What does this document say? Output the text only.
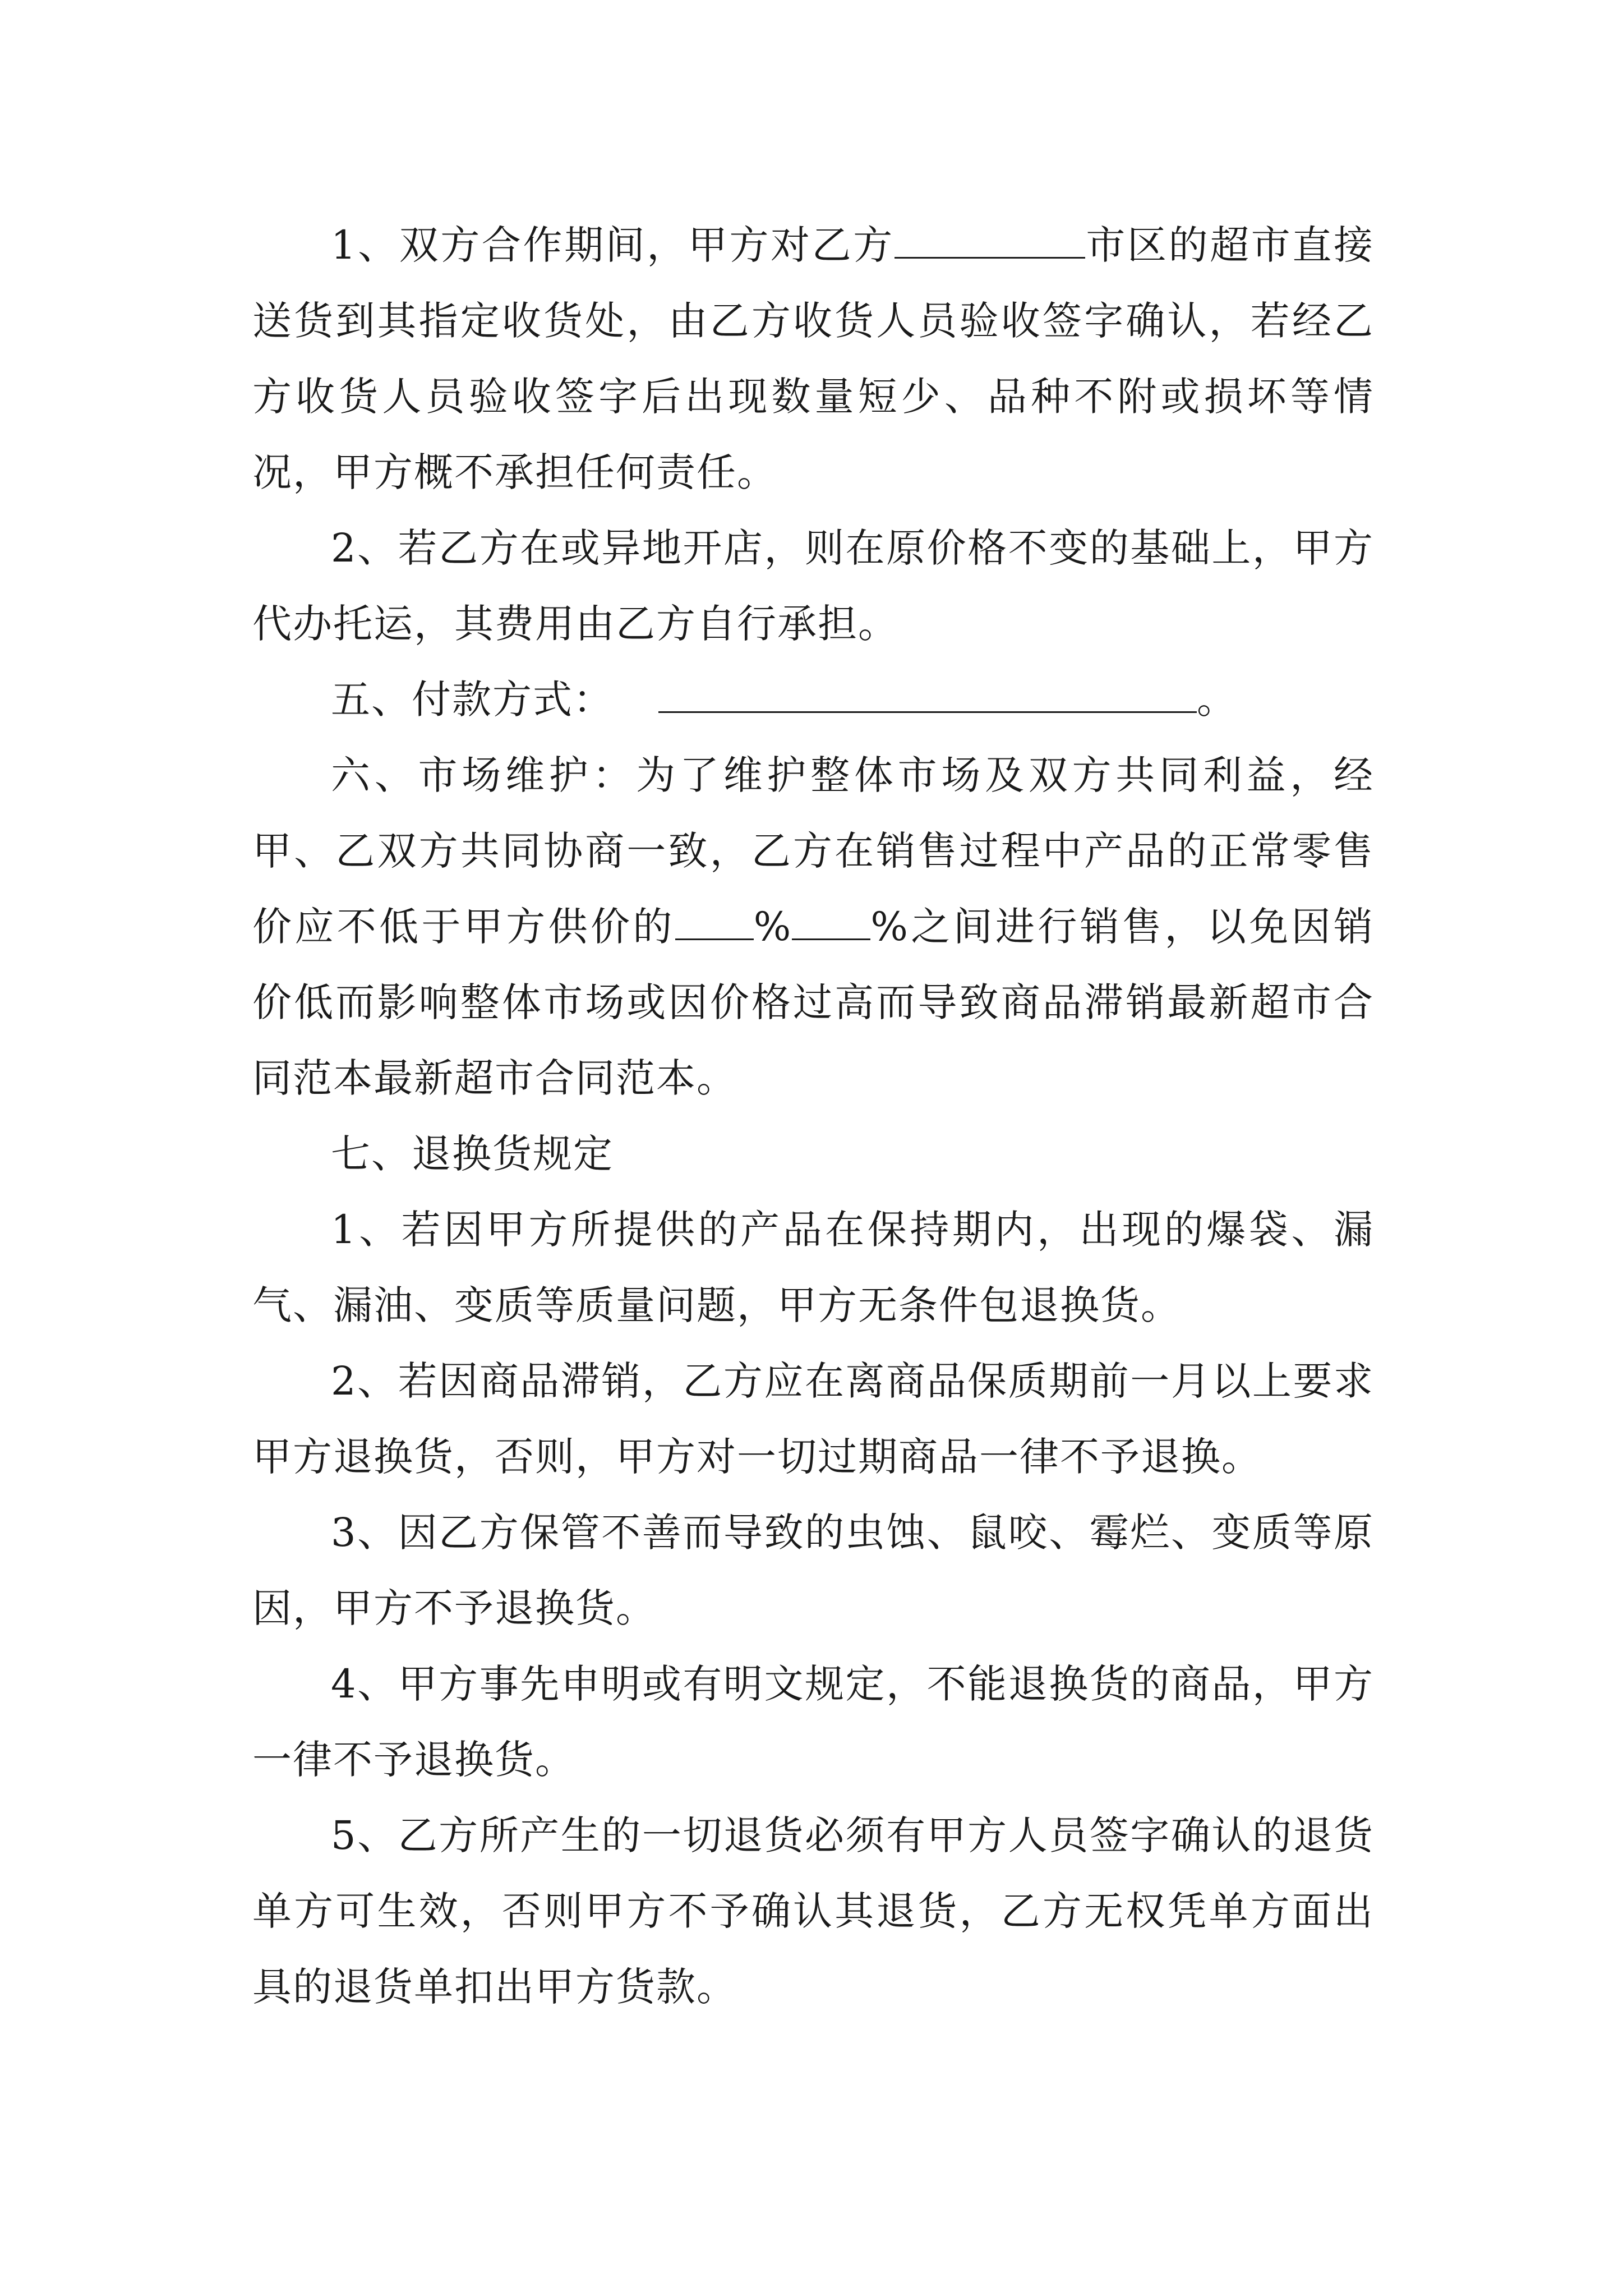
1、双方合作期间，甲方对乙方	市区的超市直接送货到其指定收货处，由乙方收货人员验收签字确认，若经乙方收货人员验收签字后出现数量短少、品种不附或损坏等情况，甲方概不承担任何责任。

2、若乙方在或异地开店，则在原价格不变的基础上，甲方代办托运，其费用由乙方自行承担。

五、付款方式：	。

六、市场维护：为了维护整体市场及双方共同利益，经甲、乙双方共同协商一致，乙方在销售过程中产品的正常零售价应不低于甲方供价的 % %之间进行销售，以免因销价低而影响整体市场或因价格过高而导致商品滞销最新超市合同范本最新超市合同范本。

七、退换货规定

1、若因甲方所提供的产品在保持期内，出现的爆袋、漏气、漏油、变质等质量问题，甲方无条件包退换货。

2、若因商品滞销，乙方应在离商品保质期前一月以上要求甲方退换货，否则，甲方对一切过期商品一律不予退换。

3、因乙方保管不善而导致的虫蚀、鼠咬、霉烂、变质等原因，甲方不予退换货。

4、甲方事先申明或有明文规定，不能退换货的商品，甲方一律不予退换货。

5、乙方所产生的一切退货必须有甲方人员签字确认的退货单方可生效，否则甲方不予确认其退货，乙方无权凭单方面出具的退货单扣出甲方货款。
